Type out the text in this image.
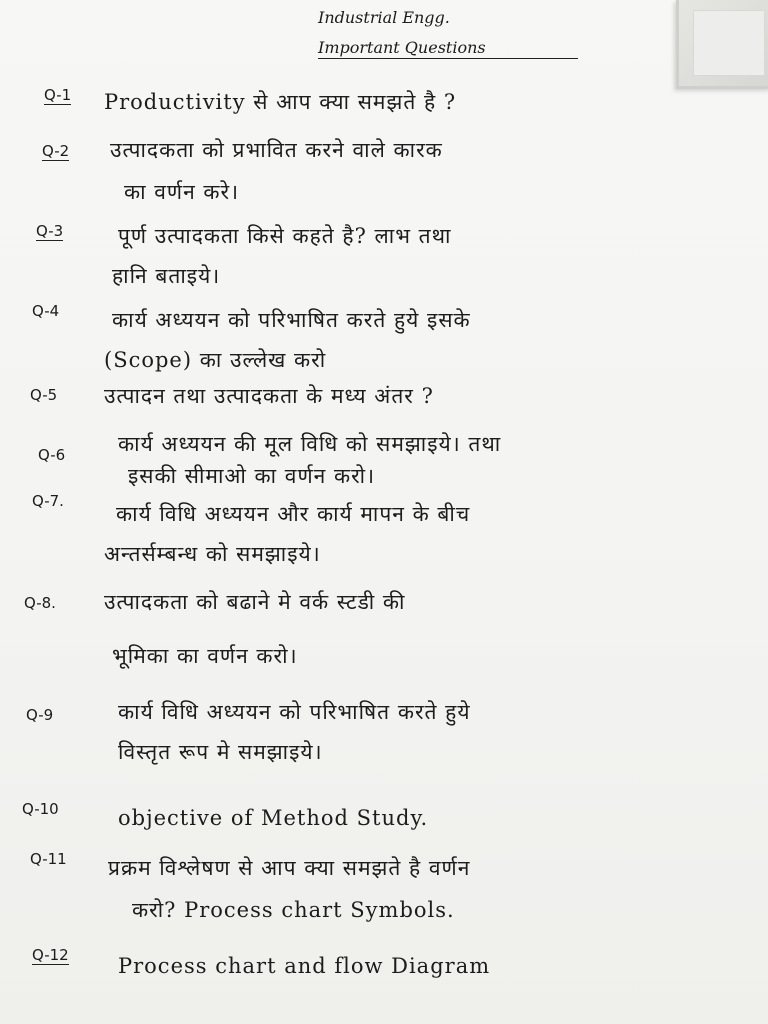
Industrial Engg.
Important Questions
Q-1 Productivity से आप क्या समझते है ?
Q-2 उत्पादकता को प्रभावित करने वाले कारक
का वर्णन करे।
Q-3	पूर्ण उत्पादकता किसे कहते है? लाभ तथा
हानि बताइये।
Q-4	कार्य अध्ययन को परिभाषित करते हुये इसके
(Scope) का उल्लेख करो
Q-5 उत्पादन तथा उत्पादकता के मध्य अंतर ?
Q-6	कार्य अध्ययन की मूल विधि को समझाइये। तथा
इसकी सीमाओ का वर्णन करो।
Q-7.
कार्य विधि अध्ययन और कार्य मापन के बीच
अन्तर्सम्बन्ध को समझाइये।
Q-8. उत्पादकता को बढाने मे वर्क स्टडी की
भूमिका का वर्णन करो।
Q-9	कार्य विधि अध्ययन को परिभाषित करते हुये
विस्तृत रूप मे समझाइये।
Q-10	objective of Method Study.
Q-11 प्रक्रम विश्लेषण से आप क्या समझते है वर्णन
करो? Process chart Symbols.
Q-12 Process chart and flow Diagram
